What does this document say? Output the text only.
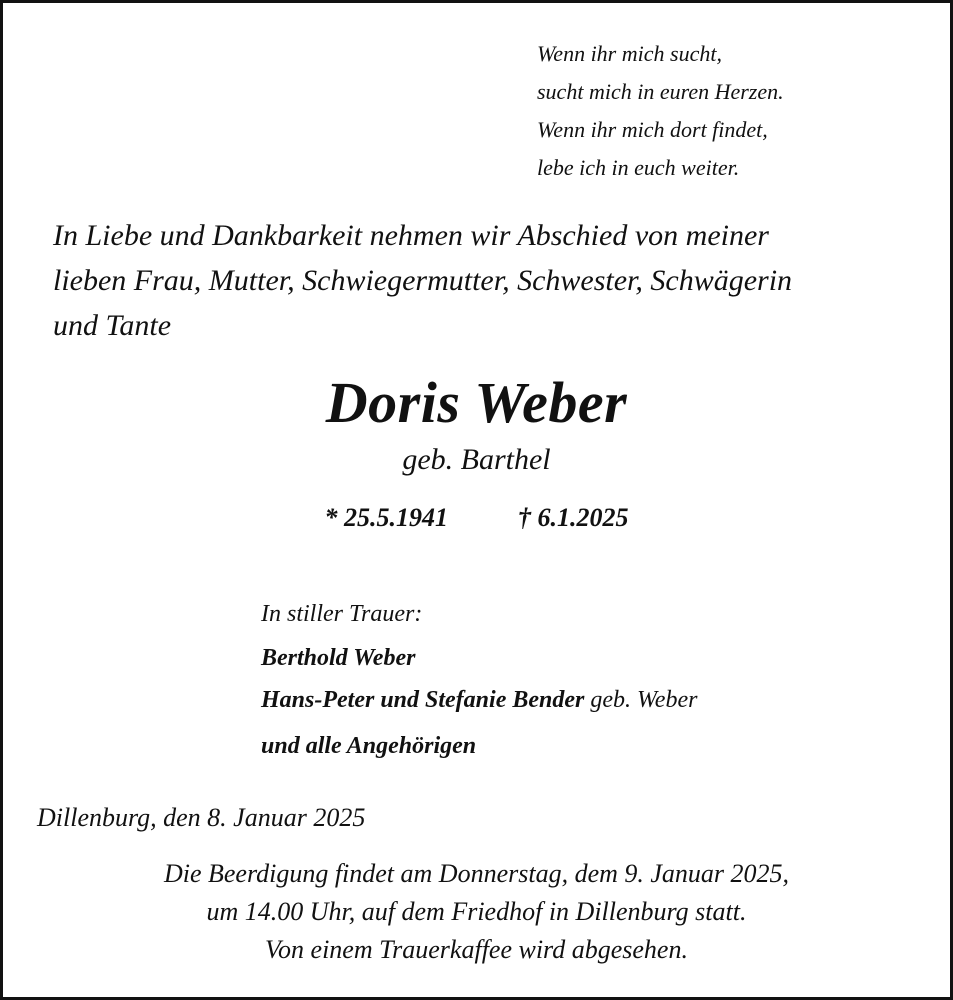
Wenn ihr mich sucht,
sucht mich in euren Herzen.
Wenn ihr mich dort findet,
lebe ich in euch weiter.
In Liebe und Dankbarkeit nehmen wir Abschied von meiner
lieben Frau, Mutter, Schwiegermutter, Schwester, Schwägerin
und Tante
Doris Weber
geb. Barthel
* 25.5.1941	† 6.1.2025
In stiller Trauer:
Berthold Weber
Hans-Peter und Stefanie Bender geb. Weber
und alle Angehörigen
Dillenburg, den 8. Januar 2025
Die Beerdigung findet am Donnerstag, dem 9. Januar 2025,
um 14.00 Uhr, auf dem Friedhof in Dillenburg statt.
Von einem Trauerkaffee wird abgesehen.
